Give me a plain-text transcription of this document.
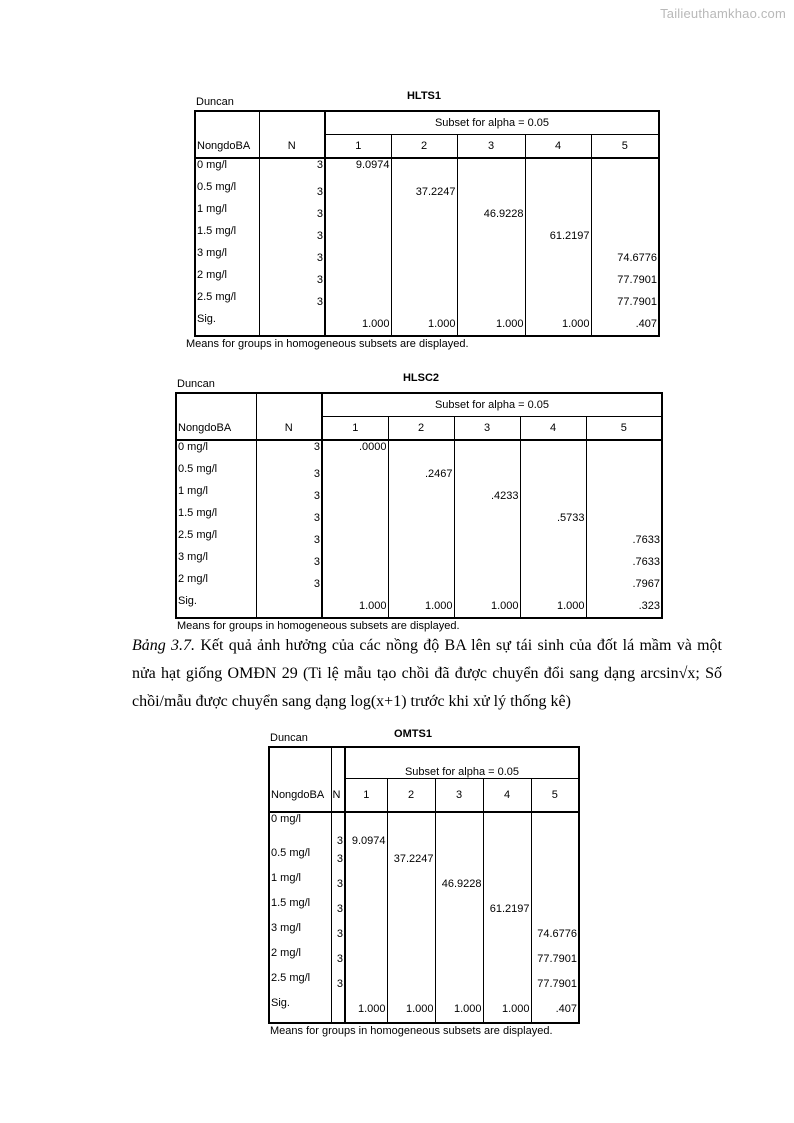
Tailieuthamkhao.com
Duncan	HLTS1
		Subset for alpha = 0.05				
NongdoBA	N	1	2	3	4	5
0 mg/l	3	9.0974				
0.5 mg/l	3		37.2247			
1 mg/l	3			46.9228		
1.5 mg/l	3				61.2197	
3 mg/l	3					74.6776
2 mg/l	3					77.7901
2.5 mg/l	3					77.7901
Sig.		1.000	1.000	1.000	1.000	.407
Means for groups in homogeneous subsets are displayed.
Duncan	HLSC2
		Subset for alpha = 0.05				
NongdoBA	N	1	2	3	4	5
0 mg/l	3	.0000				
0.5 mg/l	3		.2467			
1 mg/l	3			.4233		
1.5 mg/l	3				.5733	
2.5 mg/l	3					.7633
3 mg/l	3					.7633
2 mg/l	3					.7967
Sig.		1.000	1.000	1.000	1.000	.323
Means for groups in homogeneous subsets are displayed.
Bảng 3.7. Kết quả ảnh hưởng của các nồng độ BA lên sự tái sinh của đốt lá mầm và một nửa hạt giống OMĐN 29 (Ti lệ mẫu tạo chồi đã được chuyển đổi sang dạng arcsin√x; Số chồi/mẫu được chuyển sang dạng log(x+1) trước khi xử lý thống kê)
Duncan	OMTS1
		Subset for alpha = 0.05				
NongdoBA	N	1	2	3	4	5
0 mg/l	3	9.0974				
0.5 mg/l	3		37.2247			
1 mg/l	3			46.9228		
1.5 mg/l	3				61.2197	
3 mg/l	3					74.6776
2 mg/l	3					77.7901
2.5 mg/l	3					77.7901
Sig.		1.000	1.000	1.000	1.000	.407
Means for groups in homogeneous subsets are displayed.
